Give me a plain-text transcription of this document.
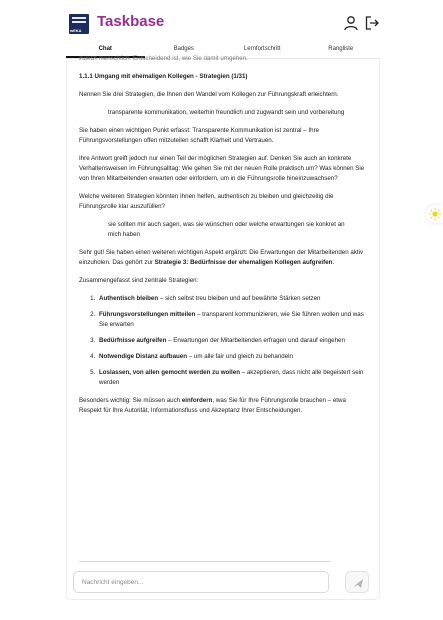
wEKA
Taskbase
Chat	Badges	Lernfortschritt	Rangliste

zuletzt menschlich. Entscheidend ist, wie Sie damit umgehen.

1.1.1 Umgang mit ehemaligen Kollegen - Strategien (1/31)

Nennen Sie drei Strategien, die Ihnen den Wandel vom Kollegen zur Führungskraft erleichtern.

transparente kommunikation, weiterhin freundlich und zugwandt sein und vorbereitung

Sie haben einen wichtigen Punkt erfasst: Transparente Kommunikation ist zentral – Ihre Führungsvorstellungen offen mitzuteilen schafft Klarheit und Vertrauen.

Ihre Antwort greift jedoch nur einen Teil der möglichen Strategien auf. Denken Sie auch an konkrete Verhaltensweisen im Führungsalltag: Wie gehen Sie mit der neuen Rolle praktisch um? Was können Sie von Ihren Mitarbeitenden erwarten oder einfordern, um in die Führungsrolle hineinzuwachsen?

Welche weiteren Strategien könnten Ihnen helfen, authentisch zu bleiben und gleichzeitig die Führungsrolle klar auszufüllen?

sie sollten mir auch sagen, was sie wünschen oder welche erwartungen sie konkret an mich haben

Sehr gut! Sie haben einen weiteren wichtigen Aspekt ergänzt: Die Erwartungen der Mitarbeitenden aktiv einzuholen. Das gehört zur Strategie 3: Bedürfnisse der ehemaligen Kollegen aufgreifen.

Zusammengefasst sind zentrale Strategien:

1. Authentisch bleiben – sich selbst treu bleiben und auf bewährte Stärken setzen
2. Führungsvorstellungen mitteilen – transparent kommunizieren, wie Sie führen wollen und was Sie erwarten
3. Bedürfnisse aufgreifen – Erwartungen der Mitarbeitenden erfragen und darauf eingehen
4. Notwendige Distanz aufbauen – um alle fair und gleich zu behandeln
5. Loslassen, von allen gemocht werden zu wollen – akzeptieren, dass nicht alle begeistert sein werden

Besonders wichtig: Sie müssen auch einfordern, was Sie für Ihre Führungsrolle brauchen – etwa Respekt für Ihre Autorität, Informationsfluss und Akzeptanz Ihrer Entscheidungen.

Nachricht eingeben...
